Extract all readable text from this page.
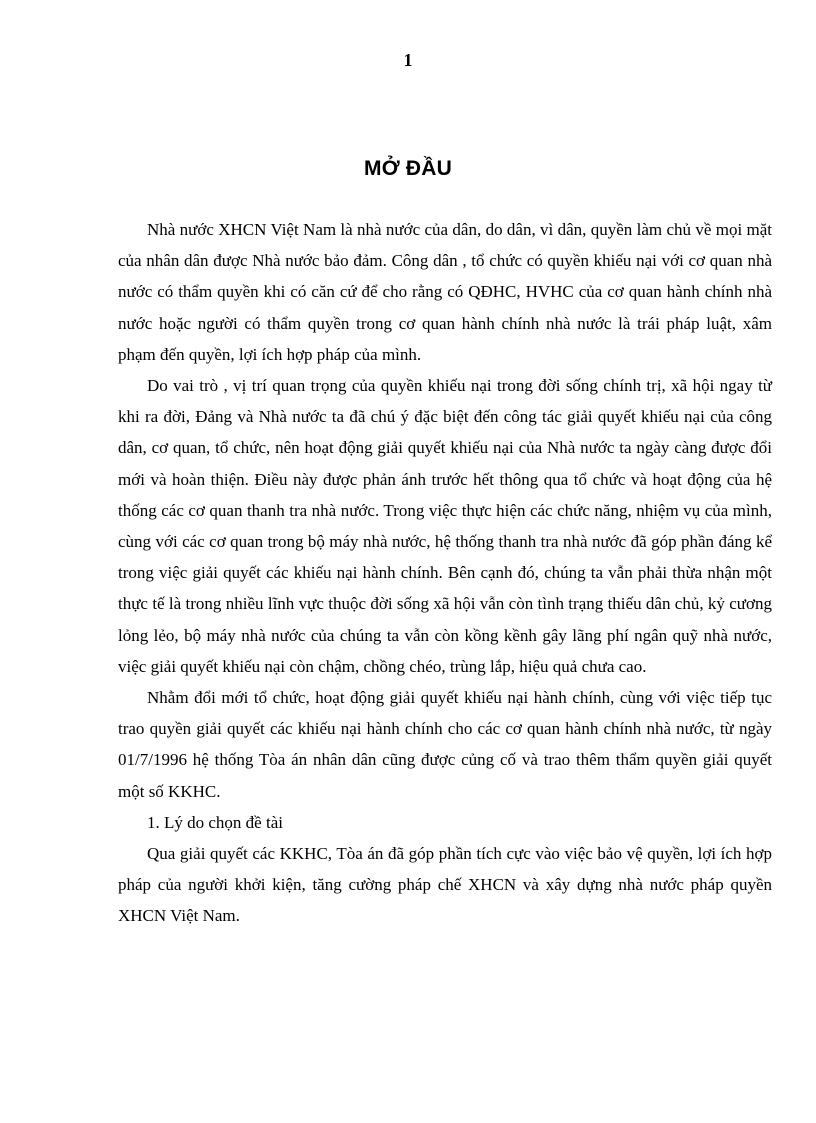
1
MỞ ĐẦU

Nhà nước XHCN Việt Nam là nhà nước của dân, do dân, vì dân, quyền làm chủ về mọi mặt của nhân dân được Nhà nước bảo đảm. Công dân , tổ chức có quyền khiếu nại với cơ quan nhà nước có thẩm quyền khi có căn cứ để cho rằng có QĐHC, HVHC của cơ quan hành chính nhà nước hoặc người có thẩm quyền trong cơ quan hành chính nhà nước là trái pháp luật, xâm phạm đến quyền, lợi ích hợp pháp của mình.

Do vai trò , vị trí quan trọng của quyền khiếu nại trong đời sống chính trị, xã hội ngay từ khi ra đời, Đảng và Nhà nước ta đã chú ý đặc biệt đến công tác giải quyết khiếu nại của công dân, cơ quan, tổ chức, nên hoạt động giải quyết khiếu nại của Nhà nước ta ngày càng được đổi mới và hoàn thiện. Điều này được phản ánh trước hết thông qua tổ chức và hoạt động của hệ thống các cơ quan thanh tra nhà nước. Trong việc thực hiện các chức năng, nhiệm vụ của mình, cùng với các cơ quan trong bộ máy nhà nước, hệ thống thanh tra nhà nước đã góp phần đáng kể trong việc giải quyết các khiếu nại hành chính. Bên cạnh đó, chúng ta vẫn phải thừa nhận một thực tế là trong nhiều lĩnh vực thuộc đời sống xã hội vẫn còn tình trạng thiếu dân chủ, kỷ cương lỏng lẻo, bộ máy nhà nước của chúng ta vẫn còn kồng kềnh gây lãng phí ngân quỹ nhà nước, việc giải quyết khiếu nại còn chậm, chồng chéo, trùng lắp, hiệu quả chưa cao.

Nhằm đổi mới tổ chức, hoạt động giải quyết khiếu nại hành chính, cùng với việc tiếp tục trao quyền giải quyết các khiếu nại hành chính cho các cơ quan hành chính nhà nước, từ ngày 01/7/1996 hệ thống Tòa án nhân dân cũng được củng cố và trao thêm thẩm quyền giải quyết một số KKHC.

1. Lý do chọn đề tài

Qua giải quyết các KKHC, Tòa án đã góp phần tích cực vào việc bảo vệ quyền, lợi ích hợp pháp của người khởi kiện, tăng cường pháp chế XHCN và xây dựng nhà nước pháp quyền XHCN Việt Nam.
